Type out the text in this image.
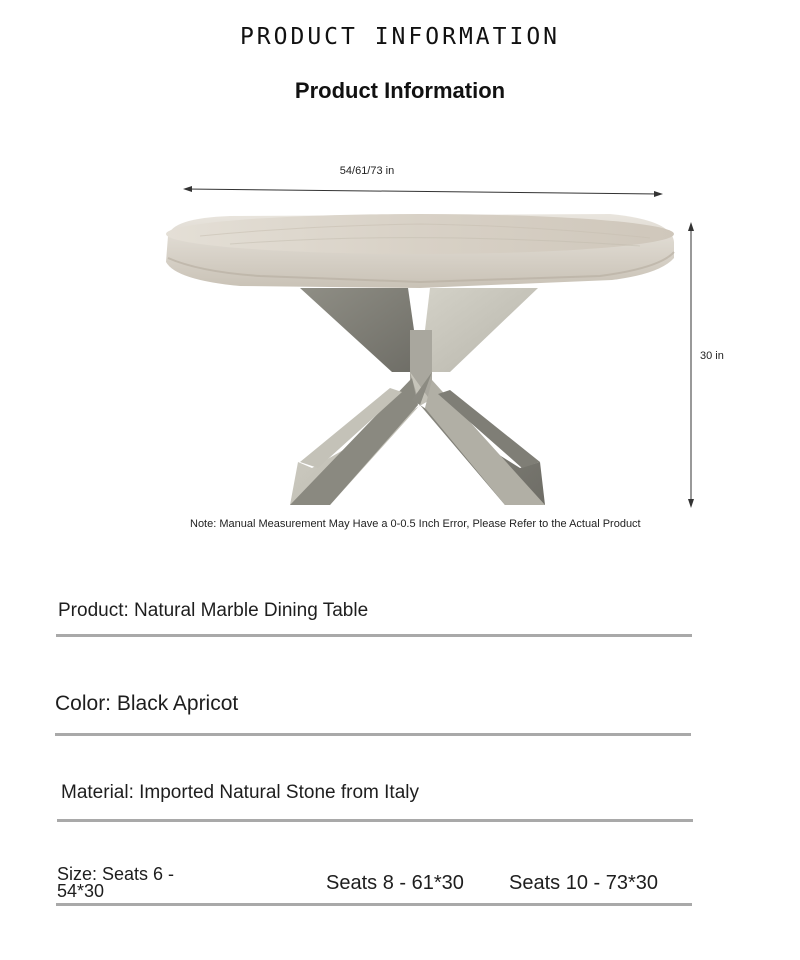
PRODUCT INFORMATION
Product Information
54/61/73 in
30 in
Note: Manual Measurement May Have a 0-0.5 Inch Error, Please Refer to the Actual Product
Product: Natural Marble Dining Table
Color: Black Apricot
Material: Imported Natural Stone from Italy
Size: Seats 6 - 54*30	Seats 8 - 61*30 Seats 10 - 73*30
